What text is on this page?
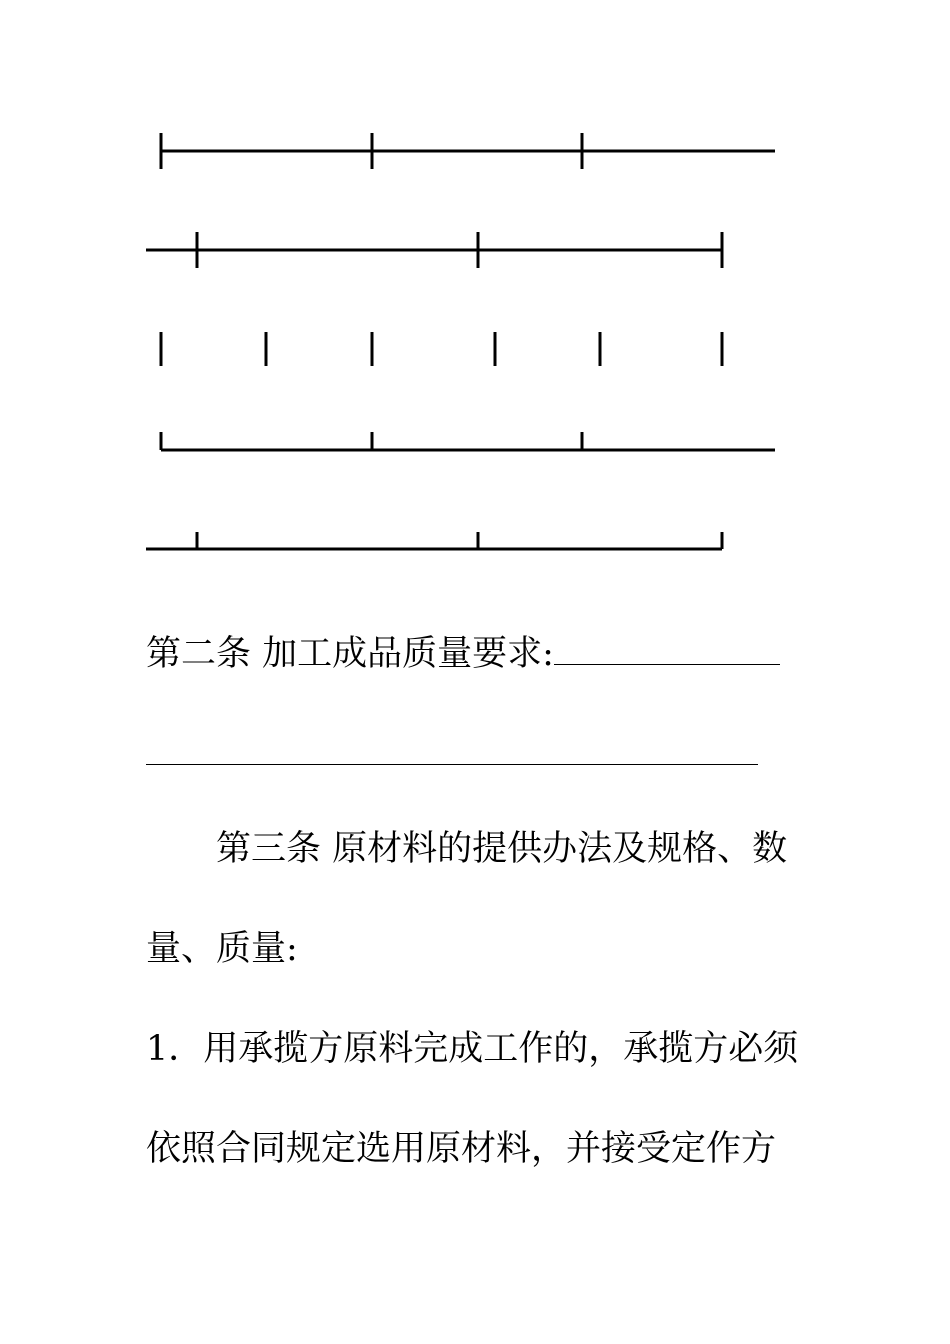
第二条 加工成品质量要求:
第三条 原材料的提供办法及规格、数
量、质量:
1．用承揽方原料完成工作的，承揽方必须
依照合同规定选用原材料，并接受定作方
